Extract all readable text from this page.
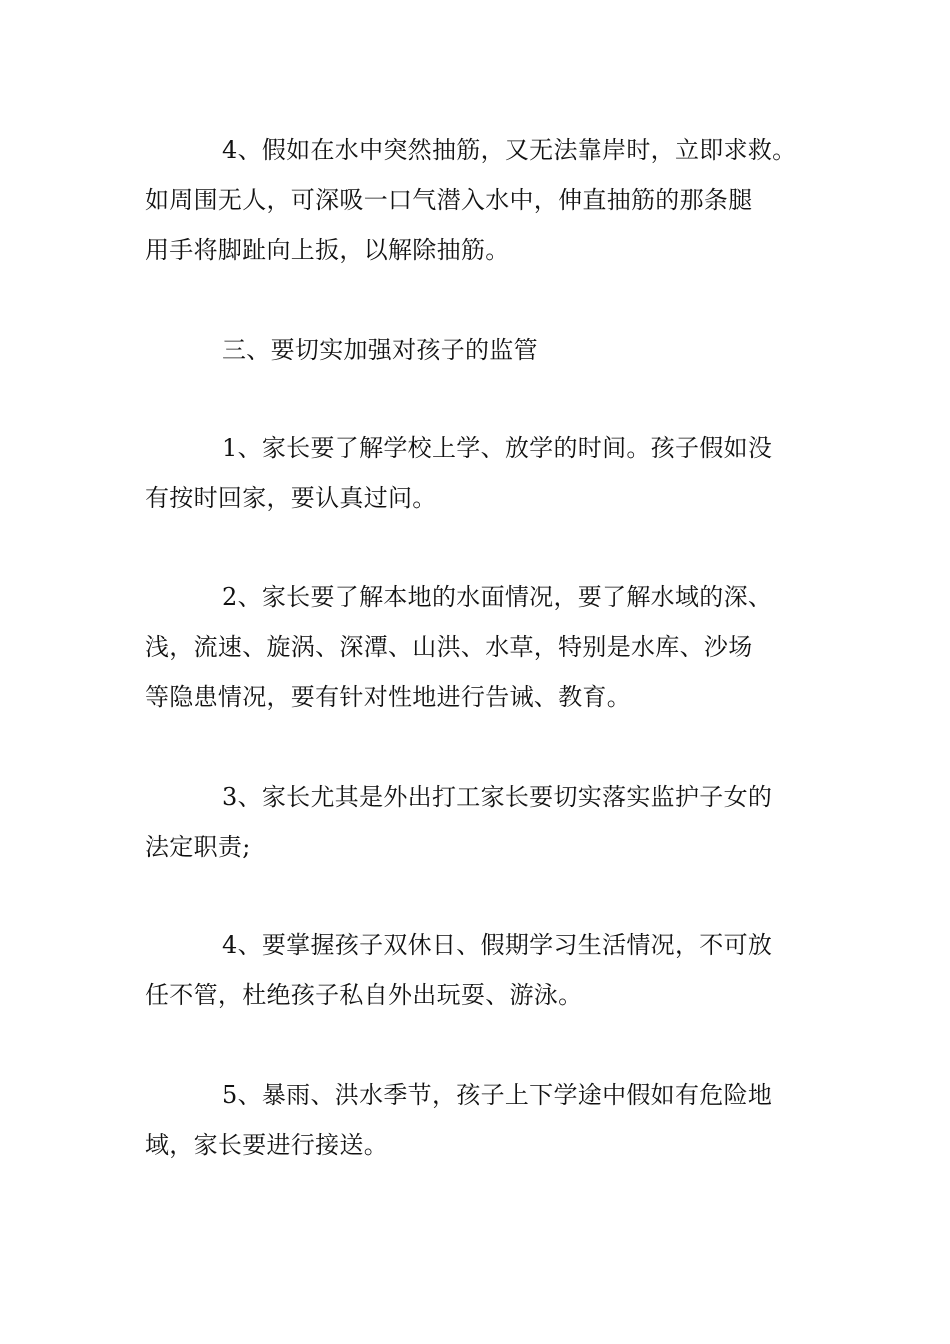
4、假如在水中突然抽筋，又无法靠岸时，立即求救。
如周围无人，可深吸一口气潜入水中，伸直抽筋的那条腿
用手将脚趾向上扳，以解除抽筋。
三、要切实加强对孩子的监管
1、家长要了解学校上学、放学的时间。孩子假如没
有按时回家，要认真过问。
2、家长要了解本地的水面情况，要了解水域的深、
浅，流速、旋涡、深潭、山洪、水草，特别是水库、沙场
等隐患情况，要有针对性地进行告诫、教育。
3、家长尤其是外出打工家长要切实落实监护子女的
法定职责;
4、要掌握孩子双休日、假期学习生活情况，不可放
任不管，杜绝孩子私自外出玩耍、游泳。
5、暴雨、洪水季节，孩子上下学途中假如有危险地
域，家长要进行接送。
